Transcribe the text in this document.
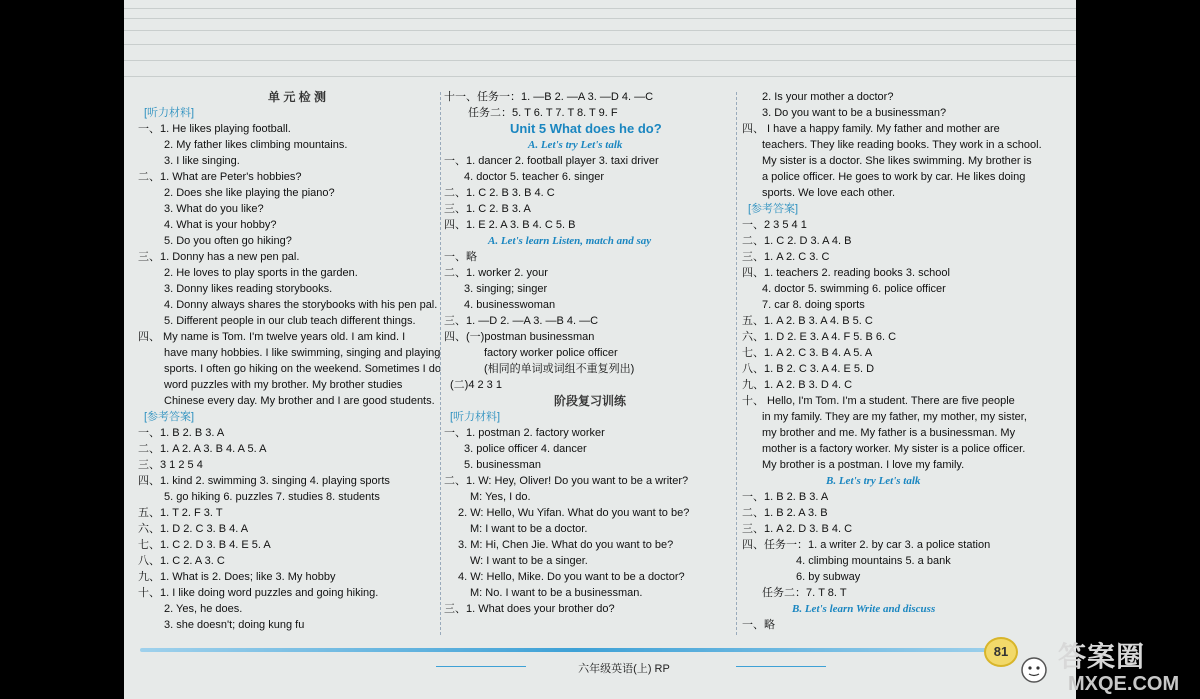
单 元 检 测
[听力材料]
一、1. He likes playing football.
2. My father likes climbing mountains.
3. I like singing.
二、1. What are Peter's hobbies?
2. Does she like playing the piano?
3. What do you like?
4. What is your hobby?
5. Do you often go hiking?
三、1. Donny has a new pen pal.
2. He loves to play sports in the garden.
3. Donny likes reading storybooks.
4. Donny always shares the storybooks with his pen pal.
5. Different people in our club teach different things.
四、 My name is Tom. I'm twelve years old. I am kind. I
have many hobbies. I like swimming, singing and playing
sports. I often go hiking on the weekend. Sometimes I do
word puzzles with my brother. My brother studies
Chinese every day. My brother and I are good students.
[参考答案]
一、1. B 2. B 3. A
二、1. A 2. A 3. B 4. A 5. A
三、3 1 2 5 4
四、1. kind 2. swimming 3. singing 4. playing sports
5. go hiking 6. puzzles 7. studies 8. students
五、1. T 2. F 3. T
六、1. D 2. C 3. B 4. A
七、1. C 2. D 3. B 4. E 5. A
八、1. C 2. A 3. C
九、1. What is 2. Does; like 3. My hobby
十、1. I like doing word puzzles and going hiking.
2. Yes, he does.
3. she doesn't; doing kung fu
十一、任务一：1. —B 2. —A 3. —D 4. —C
任务二：5. T 6. T 7. T 8. T 9. F
Unit 5 What does he do?
A. Let's try Let's talk
一、1. dancer 2. football player 3. taxi driver
4. doctor 5. teacher 6. singer
二、1. C 2. B 3. B 4. C
三、1. C 2. B 3. A
四、1. E 2. A 3. B 4. C 5. B
A. Let's learn Listen, match and say
一、略
二、1. worker 2. your
3. singing; singer
4. businesswoman
三、1. —D 2. —A 3. —B 4. —C
四、(一)postman businessman
factory worker police officer
(相同的单词或词组不重复列出)
(二)4 2 3 1
阶段复习训练
[听力材料]
一、1. postman 2. factory worker
3. police officer 4. dancer
5. businessman
二、1. W: Hey, Oliver! Do you want to be a writer?
M: Yes, I do.
2. W: Hello, Wu Yifan. What do you want to be?
M: I want to be a doctor.
3. M: Hi, Chen Jie. What do you want to be?
W: I want to be a singer.
4. W: Hello, Mike. Do you want to be a doctor?
M: No. I want to be a businessman.
三、1. What does your brother do?
2. Is your mother a doctor?
3. Do you want to be a businessman?
四、 I have a happy family. My father and mother are
teachers. They like reading books. They work in a school.
My sister is a doctor. She likes swimming. My brother is
a police officer. He goes to work by car. He likes doing
sports. We love each other.
[参考答案]
一、2 3 5 4 1
二、1. C 2. D 3. A 4. B
三、1. A 2. C 3. C
四、1. teachers 2. reading books 3. school
4. doctor 5. swimming 6. police officer
7. car 8. doing sports
五、1. A 2. B 3. A 4. B 5. C
六、1. D 2. E 3. A 4. F 5. B 6. C
七、1. A 2. C 3. B 4. A 5. A
八、1. B 2. C 3. A 4. E 5. D
九、1. A 2. B 3. D 4. C
十、 Hello, I'm Tom. I'm a student. There are five people
in my family. They are my father, my mother, my sister,
my brother and me. My father is a businessman. My
mother is a factory worker. My sister is a police officer.
My brother is a postman. I love my family.
B. Let's try Let's talk
一、1. B 2. B 3. A
二、1. B 2. A 3. B
三、1. A 2. D 3. B 4. C
四、任务一：1. a writer 2. by car 3. a police station
4. climbing mountains 5. a bank
6. by subway
任务二：7. T 8. T
B. Let's learn Write and discuss
一、略
六年级英语(上) RP
81	答案圈
MXQE.COM
